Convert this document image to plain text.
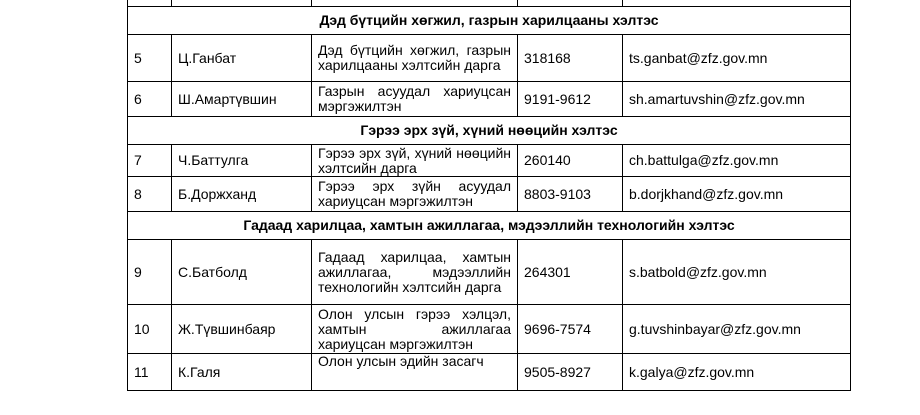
Дэд бүтцийн хөгжил, газрын харилцааны хэлтэс				
5	Ц.Ганбат	Дэд бүтцийн хөгжил, газрын харилцааны хэлтсийн дарга	318168	ts.ganbat@zfz.gov.mn
6	Ш.Амартүвшин	Газрын асуудал хариуцсан мэргэжилтэн	9191-9612	sh.amartuvshin@zfz.gov.mn
Гэрээ эрх зүй, хүний нөөцийн хэлтэс				
7	Ч.Баттулга	Гэрээ эрх зүй, хүний нөөцийн хэлтсийн дарга	260140	ch.battulga@zfz.gov.mn
8	Б.Доржханд	Гэрээ эрх зүйн асуудал хариуцсан мэргэжилтэн	8803-9103	b.dorjkhand@zfz.gov.mn
Гадаад харилцаа, хамтын ажиллагаа, мэдээллийн технологийн хэлтэс				
9	С.Батболд	Гадаад харилцаа, хамтын ажиллагаа, мэдээллийн технологийн хэлтсийн дарга	264301	s.batbold@zfz.gov.mn
10	Ж.Түвшинбаяр	Олон улсын гэрээ хэлцэл, хамтын ажиллагаа хариуцсан мэргэжилтэн	9696-7574	g.tuvshinbayar@zfz.gov.mn
11	К.Галя	Олон улсын эдийн засагч	9505-8927	k.galya@zfz.gov.mn
